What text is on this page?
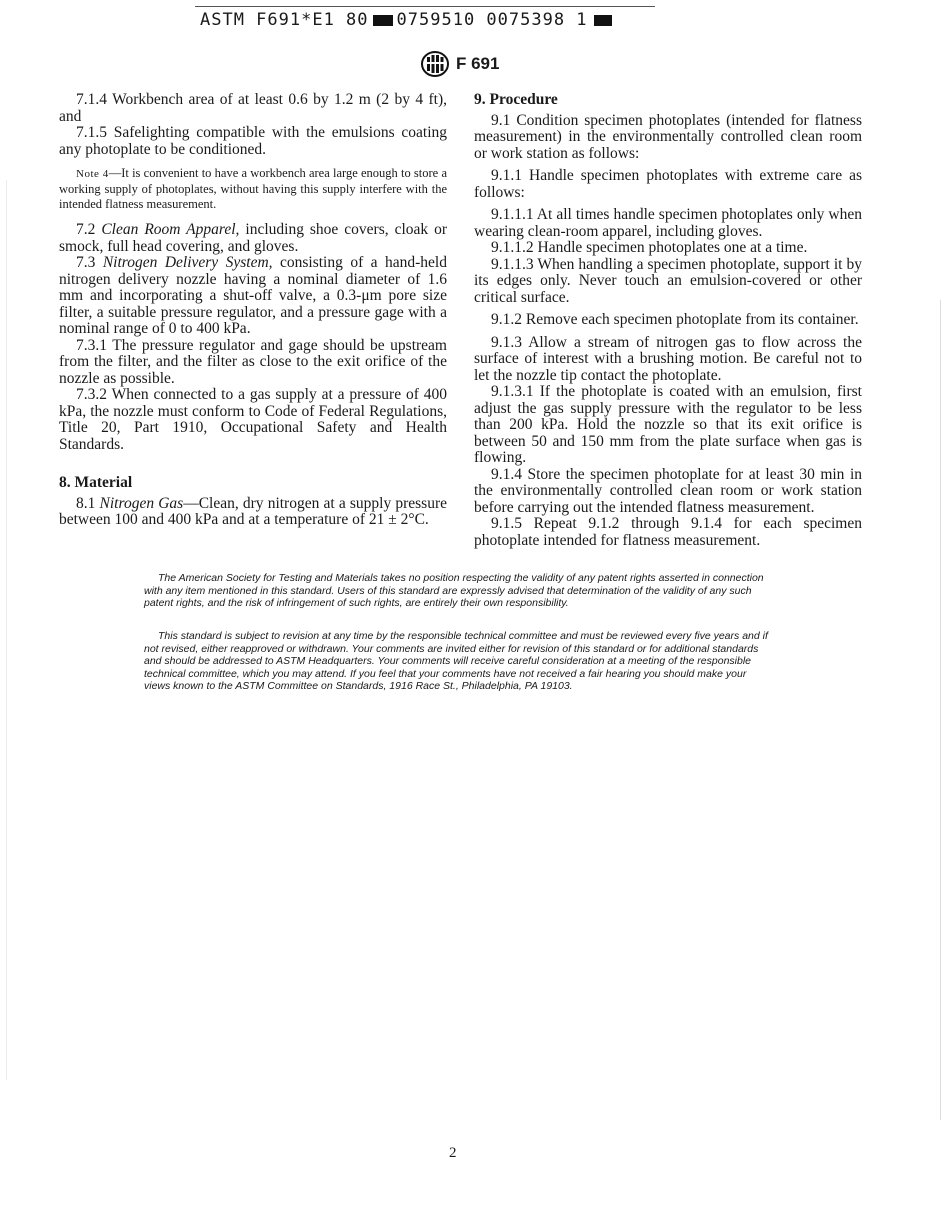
ASTM F691*E1 80 0759510 0075398 1
F 691

7.1.4 Workbench area of at least 0.6 by 1.2 m (2 by 4 ft), and

7.1.5 Safelighting compatible with the emulsions coating any photoplate to be conditioned.

Note 4—It is convenient to have a workbench area large enough to store a working supply of photoplates, without having this supply interfere with the intended flatness measurement.

7.2 Clean Room Apparel, including shoe covers, cloak or smock, full head covering, and gloves.

7.3 Nitrogen Delivery System, consisting of a hand-held nitrogen delivery nozzle having a nominal diameter of 1.6 mm and incorporating a shut-off valve, a 0.3-μm pore size filter, a suitable pressure regulator, and a pressure gage with a nominal range of 0 to 400 kPa.

7.3.1 The pressure regulator and gage should be upstream from the filter, and the filter as close to the exit orifice of the nozzle as possible.

7.3.2 When connected to a gas supply at a pressure of 400 kPa, the nozzle must conform to Code of Federal Regulations, Title 20, Part 1910, Occupational Safety and Health Standards.

8. Material

8.1 Nitrogen Gas—Clean, dry nitrogen at a supply pressure between 100 and 400 kPa and at a temperature of 21 ± 2°C.

9. Procedure

9.1 Condition specimen photoplates (intended for flatness measurement) in the environmentally controlled clean room or work station as follows:

9.1.1 Handle specimen photoplates with extreme care as follows:

9.1.1.1 At all times handle specimen photoplates only when wearing clean-room apparel, including gloves.

9.1.1.2 Handle specimen photoplates one at a time.

9.1.1.3 When handling a specimen photoplate, support it by its edges only. Never touch an emulsion-covered or other critical surface.

9.1.2 Remove each specimen photoplate from its container.

9.1.3 Allow a stream of nitrogen gas to flow across the surface of interest with a brushing motion. Be careful not to let the nozzle tip contact the photoplate.

9.1.3.1 If the photoplate is coated with an emulsion, first adjust the gas supply pressure with the regulator to be less than 200 kPa. Hold the nozzle so that its exit orifice is between 50 and 150 mm from the plate surface when gas is flowing.

9.1.4 Store the specimen photoplate for at least 30 min in the environmentally controlled clean room or work station before carrying out the intended flatness measurement.

9.1.5 Repeat 9.1.2 through 9.1.4 for each specimen photoplate intended for flatness measurement.

The American Society for Testing and Materials takes no position respecting the validity of any patent rights asserted in connection with any item mentioned in this standard. Users of this standard are expressly advised that determination of the validity of any such patent rights, and the risk of infringement of such rights, are entirely their own responsibility.

This standard is subject to revision at any time by the responsible technical committee and must be reviewed every five years and if not revised, either reapproved or withdrawn. Your comments are invited either for revision of this standard or for additional standards and should be addressed to ASTM Headquarters. Your comments will receive careful consideration at a meeting of the responsible technical committee, which you may attend. If you feel that your comments have not received a fair hearing you should make your views known to the ASTM Committee on Standards, 1916 Race St., Philadelphia, PA 19103.

2
